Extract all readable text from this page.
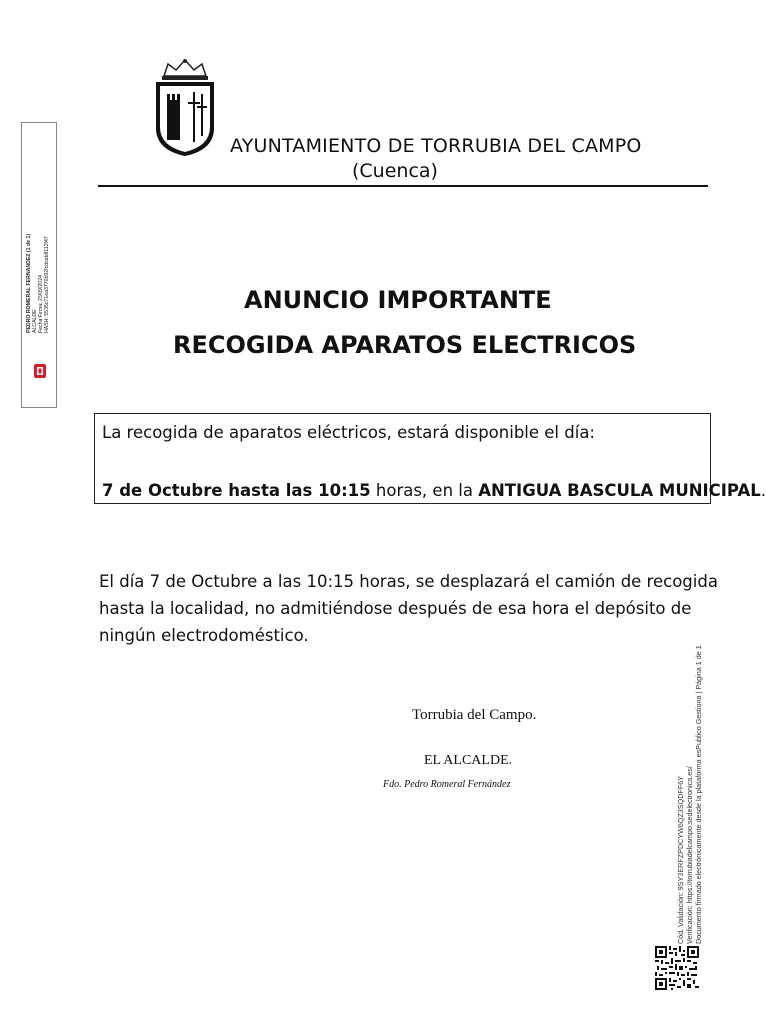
AYUNTAMIENTO DE TORRUBIA DEL CAMPO
(Cuenca)
PEDRO ROMERAL FERNANDEZ (1 de 1) ALCALDE Fecha Firma: 23/09/2024 HASH: 5535c71ea3770b92fcdcab8112f47	ANUNCIO IMPORTANTE
RECOGIDA APARATOS ELECTRICOS
La recogida de aparatos eléctricos, estará disponible el día:
7 de Octubre hasta las 10:15 horas, en la ANTIGUA BASCULA MUNICIPAL.
El día 7 de Octubre a las 10:15 horas, se desplazará el camión de recogida
hasta la localidad, no admitiéndose después de esa hora el depósito de
ningún electrodoméstico.
Torrubia del Campo.
EL ALCALDE.
Fdo. Pedro Romeral Fernández	Cód. Validación: 9SY3ERFZPDCYW6QZ3SQDFF6Y Verificación: https://torrubiadelcampo.sedelectronica.es/ Documento firmado electrónicamente desde la plataforma esPublico Gestiona | Página 1 de 1
